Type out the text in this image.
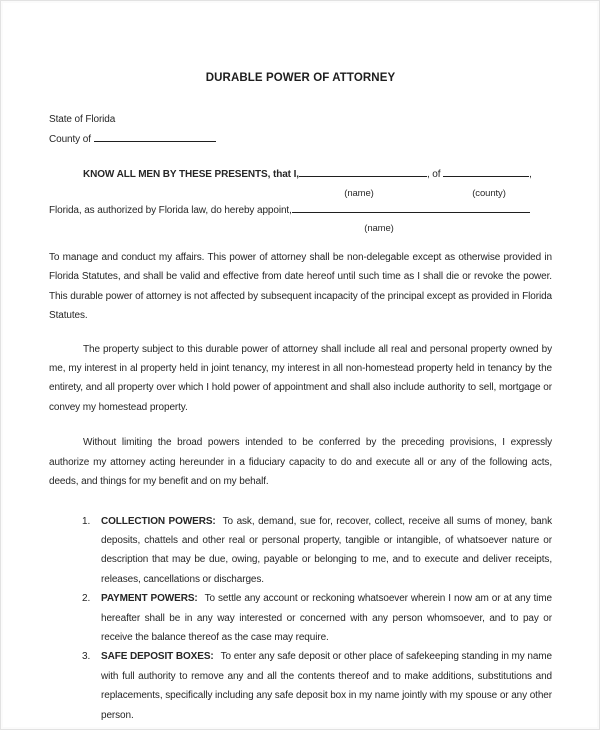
DURABLE POWER OF ATTORNEY
State of Florida
County of
KNOW ALL MEN BY THESE PRESENTS, that I,	, of	,
(name)	(county)
Florida, as authorized by Florida law, do hereby appoint,
(name)

To manage and conduct my affairs. This power of attorney shall be non-delegable except as otherwise provided in Florida Statutes, and shall be valid and effective from date hereof until such time as I shall die or revoke the power. This durable power of attorney is not affected by subsequent incapacity of the principal except as provided in Florida Statutes.

The property subject to this durable power of attorney shall include all real and personal property owned by me, my interest in al property held in joint tenancy, my interest in all non-homestead property held in tenancy by the entirety, and all property over which I hold power of appointment and shall also include authority to sell, mortgage or convey my homestead property.

Without limiting the broad powers intended to be conferred by the preceding provisions, I expressly authorize my attorney acting hereunder in a fiduciary capacity to do and execute all or any of the following acts, deeds, and things for my benefit and on my behalf.

1. COLLECTION POWERS: To ask, demand, sue for, recover, collect, receive all sums of money, bank deposits, chattels and other real or personal property, tangible or intangible, of whatsoever nature or description that may be due, owing, payable or belonging to me, and to execute and deliver receipts, releases, cancellations or discharges.
2. PAYMENT POWERS: To settle any account or reckoning whatsoever wherein I now am or at any time hereafter shall be in any way interested or concerned with any person whomsoever, and to pay or receive the balance thereof as the case may require.
3. SAFE DEPOSIT BOXES: To enter any safe deposit or other place of safekeeping standing in my name with full authority to remove any and all the contents thereof and to make additions, substitutions and replacements, specifically including any safe deposit box in my name jointly with my spouse or any other person.
